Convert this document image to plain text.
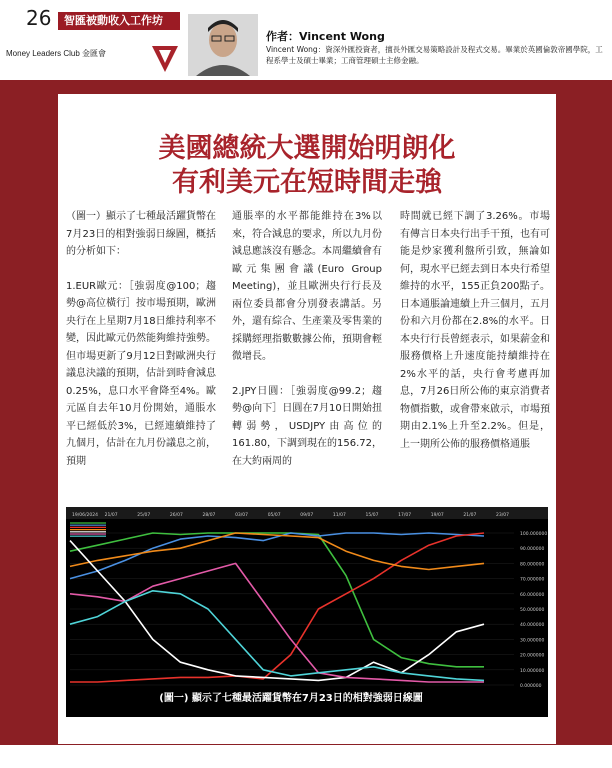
26	智匯被動收入工作坊
Money Leaders Club 金匯會
作者：Vincent Wong
Vincent Wong：資深外匯投資者，擅長外匯交易策略設計及程式交易。畢業於英國倫敦帝國學院，工程系學士及碩士畢業；工商管理碩士主修金融。
美國總統大選開始明朗化
有利美元在短時間走強

（圖一）顯示了七種最活躍貨幣在7月23日的相對強弱日線圖，概括的分析如下：

1.EUR歐元：［強弱度@100；趨勢@高位橫行］按市場預期，歐洲央行在上星期7月18日維持利率不變，因此歐元仍然能夠維持強勢。但市場更新了9月12日對歐洲央行議息決議的預期，估計到時會減息0.25%，息口水平會降至4%。歐元區自去年10月份開始，通脹水平已經低於3%，已經連續維持了九個月，估計在九月份議息之前，預期

通脹率的水平都能維持在3%以來，符合減息的要求，所以九月份減息應該沒有懸念。本周繼續會有歐元集團會議(Euro Group Meeting)，並且歐洲央行行長及兩位委員都會分別發表講話。另外，還有綜合、生產業及零售業的採購經理指數數據公佈，預期會輕微增長。

2.JPY日圓：［強弱度@99.2；趨勢@向下］日圓在7月10日開始扭轉弱勢，USDJPY由高位的161.80，下調到現在的156.72，在大約兩周的

時間就已經下調了3.26%。市場有傳言日本央行出手干預，也有可能是炒家獲利盤所引致，無論如何，現水平已經去到日本央行希望維持的水平，155正負200點子。日本通脹論連續上升三個月，五月份和六月份都在2.8%的水平。日本央行行長曾經表示，如果薪金和服務價格上升速度能持續維持在2%水平的話，央行會考慮再加息，7月26日所公佈的東京消費者物價指數，或會帶來啟示，市場預期由2.1%上升至2.2%。但是，上一期所公佈的服務價格通脹

19/06/2024 21/07	25/07	26/07	28/07	03/07	05/07	09/07	11/07	15/07	17/07	19/07	21/07	23/07
100.000000
90.000000
80.000000
70.000000
60.000000
50.000000
40.000000
30.000000
20.000000
10.000000
0.000000
(圖一) 顯示了七種最活躍貨幣在7月23日的相對強弱日線圖
